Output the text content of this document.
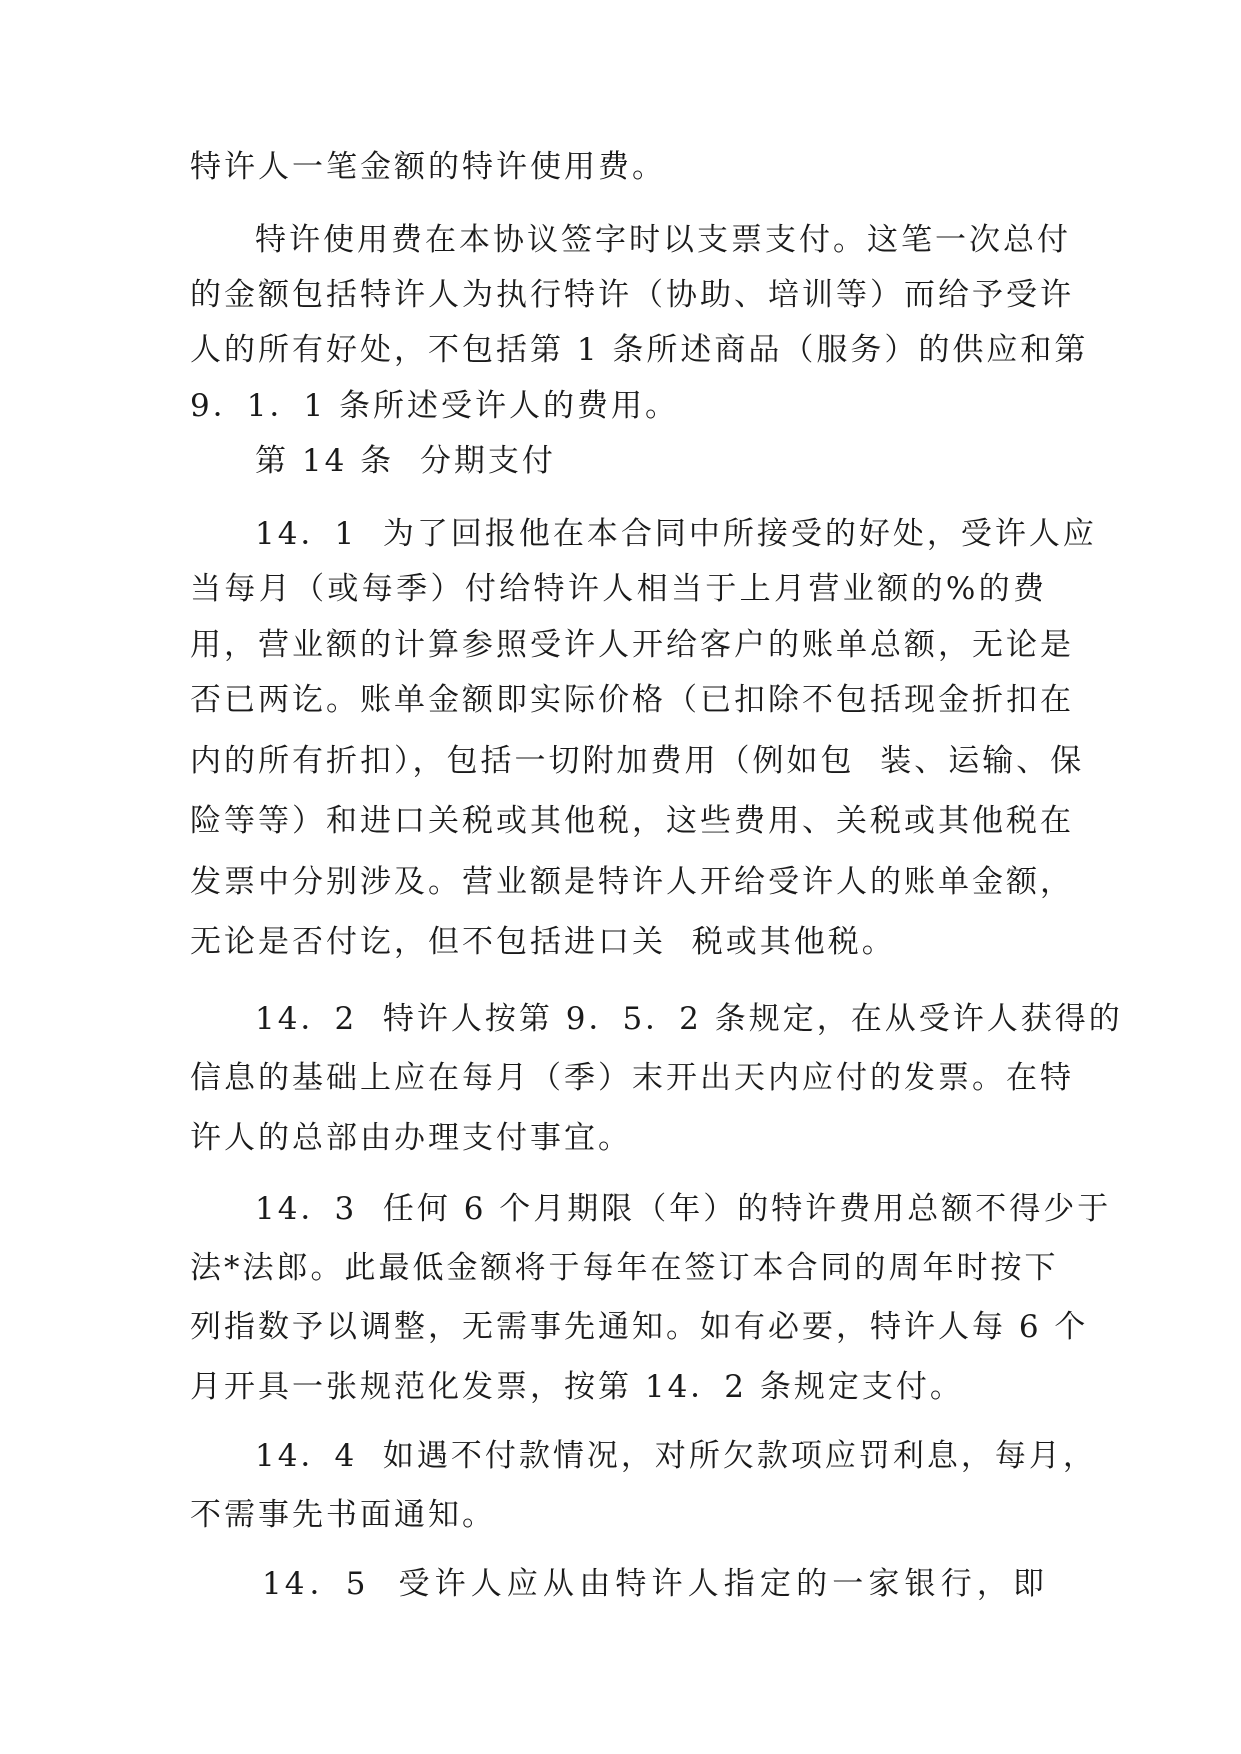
特许人一笔金额的特许使用费。
特许使用费在本协议签字时以支票支付。这笔一次总付
的金额包括特许人为执行特许（协助、培训等）而给予受许
人的所有好处，不包括第 1 条所述商品（服务）的供应和第
9．1．1 条所述受许人的费用。
第 14 条  分期支付
14．1  为了回报他在本合同中所接受的好处，受许人应
当每月（或每季）付给特许人相当于上月营业额的%的费
用，营业额的计算参照受许人开给客户的账单总额，无论是
否已两讫。账单金额即实际价格（已扣除不包括现金折扣在
内的所有折扣），包括一切附加费用（例如包  装、运输、保
险等等）和进口关税或其他税，这些费用、关税或其他税在
发票中分别涉及。营业额是特许人开给受许人的账单金额，
无论是否付讫，但不包括进口关  税或其他税。
14．2  特许人按第 9．5．2 条规定，在从受许人获得的
信息的基础上应在每月（季）末开出天内应付的发票。在特
许人的总部由办理支付事宜。
14．3  任何 6 个月期限（年）的特许费用总额不得少于
法*法郎。此最低金额将于每年在签订本合同的周年时按下
列指数予以调整，无需事先通知。如有必要，特许人每 6 个
月开具一张规范化发票，按第 14．2 条规定支付。
14．4  如遇不付款情况，对所欠款项应罚利息，每月，
不需事先书面通知。
14．5  受许人应从由特许人指定的一家银行，即
